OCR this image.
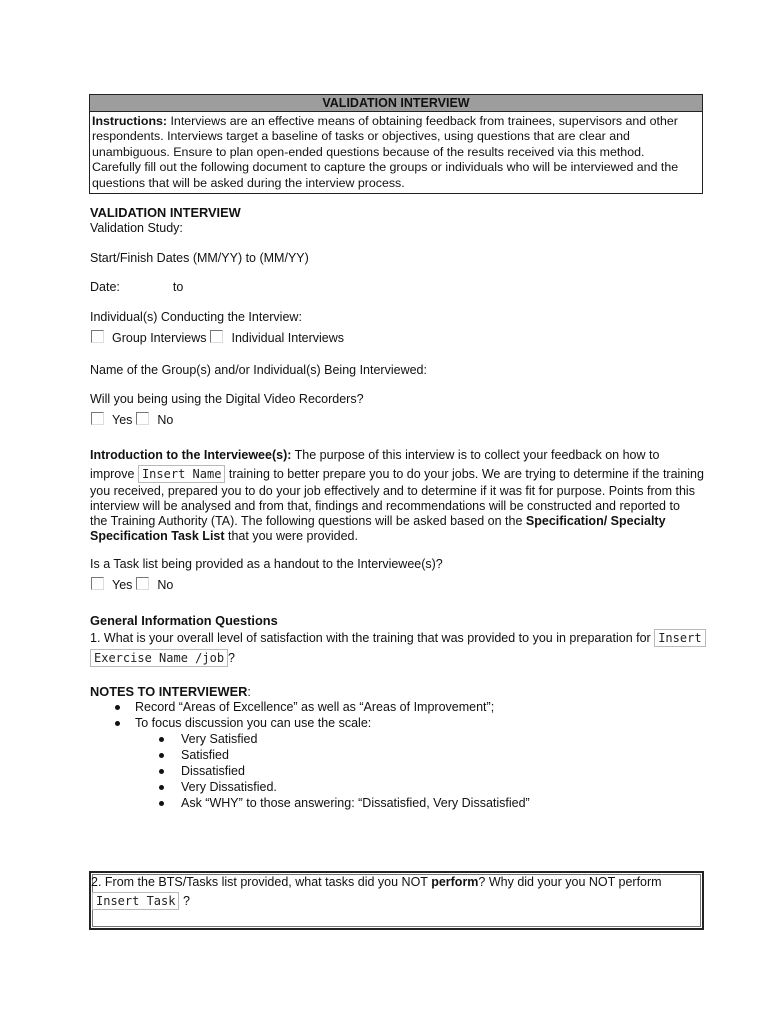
VALIDATION INTERVIEW
Instructions: Interviews are an effective means of obtaining feedback from trainees, supervisors and other
respondents. Interviews target a baseline of tasks or objectives, using questions that are clear and
unambiguous. Ensure to plan open-ended questions because of the results received via this method.
Carefully fill out the following document to capture the groups or individuals who will be interviewed and the
questions that will be asked during the interview process.
VALIDATION INTERVIEW
Validation Study:
Start/Finish Dates (MM/YY) to (MM/YY)
Date:	to
Individual(s) Conducting the Interview:
Group Interviews Individual Interviews
Name of the Group(s) and/or Individual(s) Being Interviewed:
Will you being using the Digital Video Recorders?
Yes No
Introduction to the Interviewee(s): The purpose of this interview is to collect your feedback on how to
improve Insert Name training to better prepare you to do your jobs. We are trying to determine if the training
you received, prepared you to do your job effectively and to determine if it was fit for purpose. Points from this
interview will be analysed and from that, findings and recommendations will be constructed and reported to
the Training Authority (TA). The following questions will be asked based on the Specification/ Specialty
Specification Task List that you were provided.
Is a Task list being provided as a handout to the Interviewee(s)?
Yes No
General Information Questions
1. What is your overall level of satisfaction with the training that was provided to you in preparation for Insert
Exercise Name /job ?
NOTES TO INTERVIEWER:
Record “Areas of Excellence” as well as “Areas of Improvement”;
To focus discussion you can use the scale:
Very Satisfied
Satisfied
Dissatisfied
Very Dissatisfied.
Ask “WHY” to those answering: “Dissatisfied, Very Dissatisfied”
2. From the BTS/Tasks list provided, what tasks did you NOT perform? Why did your you NOT perform
Insert Task ?
